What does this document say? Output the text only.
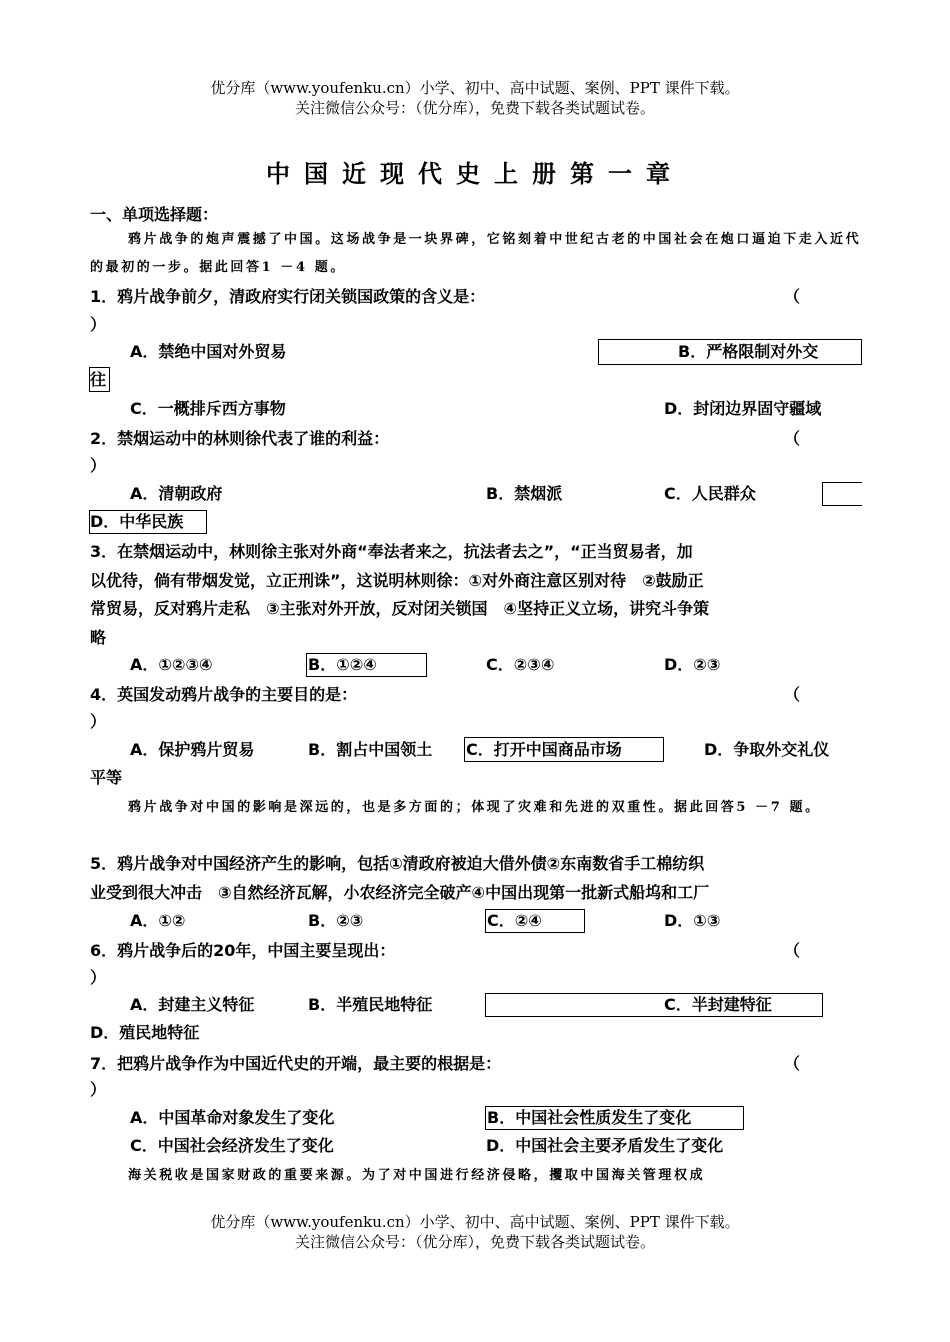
优分库（www.youfenku.cn）小学、初中、高中试题、案例、PPT 课件下载。
关注微信公众号：（优分库），免费下载各类试题试卷。
中国近现代史上册第一章
一、单项选择题：
鸦片战争的炮声震撼了中国。这场战争是一块界碑，它铭刻着中世纪古老的中国社会在炮口逼迫下走入近代的最初的一步。据此回答1 －4 题。
1．鸦片战争前夕，清政府实行闭关锁国政策的含义是：	（
）
A．禁绝中国对外贸易	B．严格限制对外交
往
C．一概排斥西方事物	D．封闭边界固守疆域
2．禁烟运动中的林则徐代表了谁的利益：	（
）
A．清朝政府	B．禁烟派	C．人民群众
D．中华民族
3．在禁烟运动中，林则徐主张对外商“奉法者来之，抗法者去之”，“正当贸易者，加
以优待，倘有带烟发觉，立正刑诛”，这说明林则徐：①对外商注意区别对待　②鼓励正
常贸易，反对鸦片走私　③主张对外开放，反对闭关锁国　④坚持正义立场，讲究斗争策
略
A．①②③④	B．①②④	C．②③④	D．②③
4．英国发动鸦片战争的主要目的是：	（
）
A．保护鸦片贸易	B．割占中国领土 C．打开中国商品市场	D．争取外交礼仪
平等
鸦片战争对中国的影响是深远的，也是多方面的；体现了灾难和先进的双重性。据此回答5 －7 题。
5．鸦片战争对中国经济产生的影响，包括①清政府被迫大借外债②东南数省手工棉纺织
业受到很大冲击　③自然经济瓦解，小农经济完全破产④中国出现第一批新式船坞和工厂
A．①②	B．②③	C．②④	D．①③
6．鸦片战争后的20年，中国主要呈现出：	（
）
A．封建主义特征	B．半殖民地特征	C．半封建特征
D．殖民地特征
7．把鸦片战争作为中国近代史的开端，最主要的根据是：	（
）
A．中国革命对象发生了变化	B．中国社会性质发生了变化
C．中国社会经济发生了变化	D．中国社会主要矛盾发生了变化
海关税收是国家财政的重要来源。为了对中国进行经济侵略，攫取中国海关管理权成
优分库（www.youfenku.cn）小学、初中、高中试题、案例、PPT 课件下载。
关注微信公众号：（优分库），免费下载各类试题试卷。
